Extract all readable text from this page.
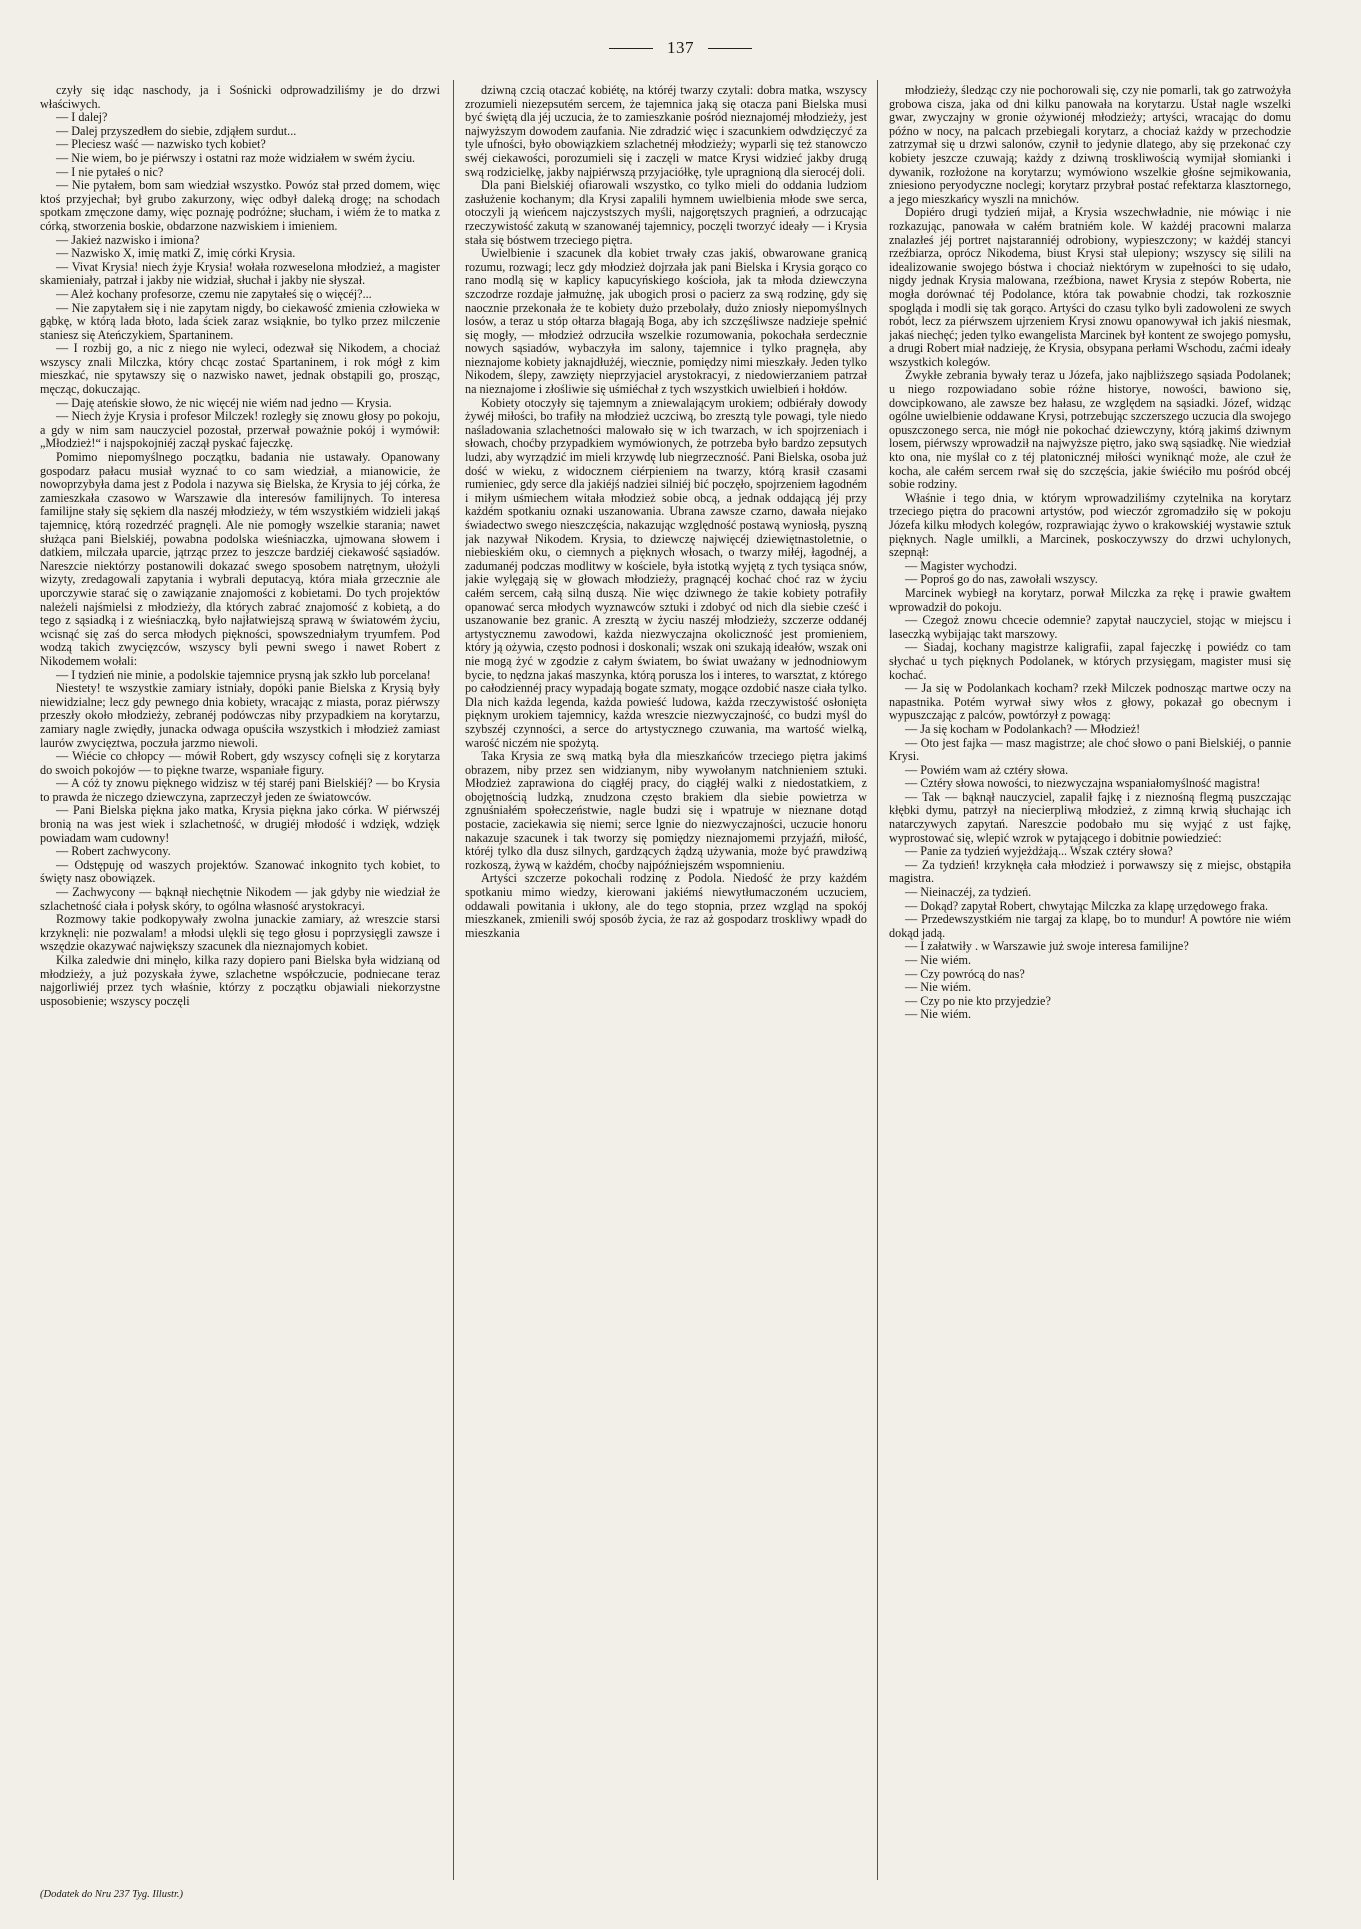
137

czyły się idąc naschody, ja i Sośnicki odprowadziliśmy je do drzwi właściwych.

— I dalej?

— Dalej przyszedłem do siebie, zdjąłem surdut...

— Pleciesz waść — nazwisko tych kobiet?

— Nie wiem, bo je piérwszy i ostatni raz może widziałem w swém życiu.

— I nie pytałeś o nic?

— Nie pytałem, bom sam wiedział wszystko. Powóz stał przed domem, więc ktoś przyjechał; był grubo zakurzony, więc odbył daleką drogę; na schodach spotkam zmęczone damy, więc poznaję podróżne; słucham, i wiém że to matka z córką, stworzenia boskie, obdarzone nazwiskiem i imieniem.

— Jakież nazwisko i imiona?

— Nazwisko X, imię matki Z, imię córki Krysia.

— Vivat Krysia! niech żyje Krysia! wołała rozweselona młodzież, a magister skamieniały, patrzał i jakby nie widział, słuchał i jakby nie słyszał.

— Ależ kochany profesorze, czemu nie zapytałeś się o więcéj?...

— Nie zapytałem się i nie zapytam nigdy, bo ciekawość zmienia człowieka w gąbkę, w którą lada błoto, lada ściek zaraz wsiąknie, bo tylko przez milczenie staniesz się Ateńczykiem, Spartaninem.

— I rozbij go, a nic z niego nie wyleci, odezwał się Nikodem, a chociaż wszyscy znali Milczka, który chcąc zostać Spartaninem, i rok mógł z kim mieszkać, nie spytawszy się o nazwisko nawet, jednak obstąpili go, prosząc, męcząc, dokuczając.

— Daję ateńskie słowo, że nic więcéj nie wiém nad jedno — Krysia.

— Niech żyje Krysia i profesor Milczek! rozległy się znowu głosy po pokoju, a gdy w nim sam nauczyciel pozostał, przerwał poważnie pokój i wymówił: „Młodzież!“ i najspokojniéj zaczął pyskać fajeczkę.

Pomimo niepomyślnego początku, badania nie ustawały. Opanowany gospodarz pałacu musiał wyznać to co sam wiedział, a mianowicie, że nowoprzybyła dama jest z Podola i nazywa się Bielska, że Krysia to jéj córka, że zamieszkała czasowo w Warszawie dla interesów familijnych. To interesa familijne stały się sękiem dla naszéj młodzieży, w tém wszystkiém widzieli jakąś tajemnicę, którą rozedrzéć pragnęli. Ale nie pomogły wszelkie starania; nawet służąca pani Bielskiéj, powabna podolska wieśniaczka, ujmowana słowem i datkiem, milczała uparcie, jątrząc przez to jeszcze bardziéj ciekawość sąsiadów. Nareszcie niektórzy postanowili dokazać swego sposobem natrętnym, ułożyli wizyty, zredagowali zapytania i wybrali deputacyą, która miała grzecznie ale uporczywie starać się o zawiązanie znajomości z kobietami. Do tych projektów należeli najśmielsi z młodzieży, dla których zabrać znajomość z kobietą, a do tego z sąsiadką i z wieśniaczką, było najłatwiejszą sprawą w światowém życiu, wcisnąć się zaś do serca młodych piękności, spowszedniałym tryumfem. Pod wodzą takich zwycięzców, wszyscy byli pewni swego i nawet Robert z Nikodemem wołali:

— I tydzień nie minie, a podolskie tajemnice prysną jak szkło lub porcelana!

Niestety! te wszystkie zamiary istniały, dopóki panie Bielska z Krysią były niewidzialne; lecz gdy pewnego dnia kobiety, wracając z miasta, poraz piérwszy przeszły około młodzieży, zebranéj podówczas niby przypadkiem na korytarzu, zamiary nagle zwiędły, junacka odwaga opuściła wszystkich i młodzież zamiast laurów zwycięztwa, poczuła jarzmo niewoli.

— Wiécie co chłopcy — mówił Robert, gdy wszyscy cofnęli się z korytarza do swoich pokojów — to piękne twarze, wspaniałe figury.

— A cóż ty znowu pięknego widzisz w téj staréj pani Bielskiéj? — bo Krysia to prawda że niczego dziewczyna, zaprzeczył jeden ze światowców.

— Pani Bielska piękna jako matka, Krysia piękna jako córka. W piérwszéj bronią na was jest wiek i szlachetność, w drugiéj młodość i wdzięk, wdzięk powiadam wam cudowny!

— Robert zachwycony.

— Odstępuję od waszych projektów. Szanować inkognito tych kobiet, to święty nasz obowiązek.

— Zachwycony — bąknął niechętnie Nikodem — jak gdyby nie wiedział że szlachetność ciała i połysk skóry, to ogólna własność arystokracyi.

Rozmowy takie podkopywały zwolna junackie zamiary, aż wreszcie starsi krzyknęli: nie pozwalam! a młodsi ulękli się tego głosu i poprzysięgli zawsze i wszędzie okazywać największy szacunek dla nieznajomych kobiet.

Kilka zaledwie dni minęło, kilka razy dopiero pani Bielska była widzianą od młodzieży, a już pozyskała żywe, szlachetne współczucie, podniecane teraz najgorliwiéj przez tych właśnie, którzy z początku objawiali niekorzystne usposobienie; wszyscy poczęli

dziwną czcią otaczać kobiétę, na któréj twarzy czytali: dobra matka, wszyscy zrozumieli niezepsutém sercem, że tajemnica jaką się otacza pani Bielska musi być świętą dla jéj uczucia, że to zamieszkanie pośród nieznajoméj młodzieży, jest najwyższym dowodem zaufania. Nie zdradzić więc i szacunkiem odwdzięczyć za tyle ufności, było obowiązkiem szlachetnéj młodzieży; wyparli się też stanowczo swéj ciekawości, porozumieli się i zaczęli w matce Krysi widzieć jakby drugą swą rodzicielkę, jakby najpiérwszą przyjaciółkę, tyle upragnioną dla sierocéj doli.

Dla pani Bielskiéj ofiarowali wszystko, co tylko mieli do oddania ludziom zasłużenie kochanym; dla Krysi zapalili hymnem uwielbienia młode swe serca, otoczyli ją wieńcem najczystszych myśli, najgorętszych pragnień, a odrzucając rzeczywistość zakutą w szanowanéj tajemnicy, poczęli tworzyć ideały — i Krysia stała się bóstwem trzeciego piętra.

Uwielbienie i szacunek dla kobiet trwały czas jakiś, obwarowane granicą rozumu, rozwagi; lecz gdy młodzież dojrzała jak pani Bielska i Krysia gorąco co rano modlą się w kaplicy kapucyńskiego kościoła, jak ta młoda dziewczyna szczodrze rozdaje jałmużnę, jak ubogich prosi o pacierz za swą rodzinę, gdy się naocznie przekonała że te kobiety dużo przebolały, dużo zniosły niepomyślnych losów, a teraz u stóp ołtarza błagają Boga, aby ich szczęśliwsze nadzieje spełnić się mogły, — młodzież odrzuciła wszelkie rozumowania, pokochała serdecznie nowych sąsiadów, wybaczyła im salony, tajemnice i tylko pragnęła, aby nieznajome kobiety jaknajdłużéj, wiecznie, pomiędzy nimi mieszkały. Jeden tylko Nikodem, ślepy, zawzięty nieprzyjaciel arystokracyi, z niedowierzaniem patrzał na nieznajome i złośliwie się uśmiéchał z tych wszystkich uwielbień i hołdów.

Kobiety otoczyły się tajemnym a zniewalającym urokiem; odbiérały dowody żywéj miłości, bo trafiły na młodzież uczciwą, bo zresztą tyle powagi, tyle niedo naśladowania szlachetności malowało się w ich twarzach, w ich spojrzeniach i słowach, choćby przypadkiem wymówionych, że potrzeba było bardzo zepsutych ludzi, aby wyrządzić im mieli krzywdę lub niegrzeczność. Pani Bielska, osoba już dość w wieku, z widocznem ciérpieniem na twarzy, którą krasił czasami rumieniec, gdy serce dla jakiéjś nadziei silniéj bić poczęło, spojrzeniem łagodném i miłym uśmiechem witała młodzież sobie obcą, a jednak oddającą jéj przy każdém spotkaniu oznaki uszanowania. Ubrana zawsze czarno, dawała niejako świadectwo swego nieszczęścia, nakazując względność postawą wyniosłą, pyszną jak nazywał Nikodem. Krysia, to dziewczę najwięcéj dziewiętnastoletnie, o niebieskiém oku, o ciemnych a pięknych włosach, o twarzy miłéj, łagodnéj, a zadumanéj podczas modlitwy w kościele, była istotką wyjętą z tych tysiąca snów, jakie wylęgają się w głowach młodzieży, pragnącéj kochać choć raz w życiu całém sercem, całą silną duszą. Nie więc dziwnego że takie kobiety potrafiły opanować serca młodych wyznawców sztuki i zdobyć od nich dla siebie cześć i uszanowanie bez granic. A zresztą w życiu naszéj młodzieży, szczerze oddanéj artystycznemu zawodowi, każda niezwyczajna okoliczność jest promieniem, który ją ożywia, często podnosi i doskonali; wszak oni szukają ideałów, wszak oni nie mogą żyć w zgodzie z całym światem, bo świat uważany w jednodniowym bycie, to nędzna jakaś maszynka, którą porusza los i interes, to warsztat, z którego po całodziennéj pracy wypadają bogate szmaty, mogące ozdobić nasze ciała tylko. Dla nich każda legenda, każda powieść ludowa, każda rzeczywistość osłonięta pięknym urokiem tajemnicy, każda wreszcie niezwyczajność, co budzi myśl do szybszéj czynności, a serce do artystycznego czuwania, ma wartość wielką, warość niczém nie spożytą.

Taka Krysia ze swą matką była dla mieszkańców trzeciego piętra jakimś obrazem, niby przez sen widzianym, niby wywołanym natchnieniem sztuki. Młodzież zaprawiona do ciągłéj pracy, do ciągłéj walki z niedostatkiem, z obojętnością ludzką, znudzona często brakiem dla siebie powietrza w zgnuśniałém społeczeństwie, nagle budzi się i wpatruje w nieznane dotąd postacie, zaciekawia się niemi; serce lgnie do niezwyczajności, uczucie honoru nakazuje szacunek i tak tworzy się pomiędzy nieznajomemi przyjaźń, miłość, któréj tylko dla dusz silnych, gardzących żądzą używania, może być prawdziwą rozkoszą, żywą w każdém, choćby najpóźniejszém wspomnieniu.

Artyści szczerze pokochali rodzinę z Podola. Niedość że przy każdém spotkaniu mimo wiedzy, kierowani jakiémś niewytłumaczoném uczuciem, oddawali powitania i ukłony, ale do tego stopnia, przez wzgląd na spokój mieszkanek, zmienili swój sposób życia, że raz aż gospodarz troskliwy wpadł do mieszkania

młodzieży, śledząc czy nie pochorowali się, czy nie pomarli, tak go zatrwożyła grobowa cisza, jaka od dni kilku panowała na korytarzu. Ustał nagle wszelki gwar, zwyczajny w gronie ożywionéj młodzieży; artyści, wracając do domu późno w nocy, na palcach przebiegali korytarz, a chociaż każdy w przechodzie zatrzymał się u drzwi salonów, czynił to jedynie dlatego, aby się przekonać czy kobiety jeszcze czuwają; każdy z dziwną troskliwością wymijał słomianki i dywanik, rozłożone na korytarzu; wymówiono wszelkie głośne sejmikowania, zniesiono peryodyczne noclegi; korytarz przybrał postać refektarza klasztornego, a jego mieszkańcy wyszli na mnichów.

Dopiéro drugi tydzień mijał, a Krysia wszechwładnie, nie mówiąc i nie rozkazując, panowała w całém bratniém kole. W każdéj pracowni malarza znalazłeś jéj portret najstaranniéj odrobiony, wypieszczony; w każdéj stancyi rzeźbiarza, oprócz Nikodema, biust Krysi stał ulepiony; wszyscy się silili na idealizowanie swojego bóstwa i chociaż niektórym w zupełności to się udało, nigdy jednak Krysia malowana, rzeźbiona, nawet Krysia z stepów Roberta, nie mogła dorównać téj Podolance, która tak powabnie chodzi, tak rozkosznie spogląda i modli się tak gorąco. Artyści do czasu tylko byli zadowoleni ze swych robót, lecz za piérwszem ujrzeniem Krysi znowu opanowywał ich jakiś niesmak, jakaś niechęć; jeden tylko ewangelista Marcinek był kontent ze swojego pomysłu, a drugi Robert miał nadzieję, że Krysia, obsypana perłami Wschodu, zaćmi ideały wszystkich kolegów.

Zwykłe zebrania bywały teraz u Józefa, jako najbliższego sąsiada Podolanek; u niego rozpowiadano sobie różne historye, nowości, bawiono się, dowcipkowano, ale zawsze bez hałasu, ze względem na sąsiadki. Józef, widząc ogólne uwielbienie oddawane Krysi, potrzebując szczerszego uczucia dla swojego opuszczonego serca, nie mógł nie pokochać dziewczyny, którą jakimś dziwnym losem, piérwszy wprowadził na najwyższe piętro, jako swą sąsiadkę. Nie wiedział kto ona, nie myślał co z téj platonicznéj miłości wyniknąć może, ale czuł że kocha, ale całém sercem rwał się do szczęścia, jakie świéciło mu pośród obcéj sobie rodziny.

Właśnie i tego dnia, w którym wprowadziliśmy czytelnika na korytarz trzeciego piętra do pracowni artystów, pod wieczór zgromadziło się w pokoju Józefa kilku młodych kolegów, rozprawiając żywo o krakowskiéj wystawie sztuk pięknych. Nagle umilkli, a Marcinek, poskoczywszy do drzwi uchylonych, szepnął:

— Magister wychodzi.

— Poproś go do nas, zawołali wszyscy.

Marcinek wybiegł na korytarz, porwał Milczka za rękę i prawie gwałtem wprowadził do pokoju.

— Czegoż znowu chcecie odemnie? zapytał nauczyciel, stojąc w miejscu i laseczką wybijając takt marszowy.

— Siadaj, kochany magistrze kaligrafii, zapal fajeczkę i powiédz co tam słychać u tych pięknych Podolanek, w których przysięgam, magister musi się kochać.

— Ja się w Podolankach kocham? rzekł Milczek podnosząc martwe oczy na napastnika. Potém wyrwał siwy włos z głowy, pokazał go obecnym i wypuszczając z palców, powtórzył z powagą:

— Ja się kocham w Podolankach? — Młodzież!

— Oto jest fajka — masz magistrze; ale choć słowo o pani Bielskiéj, o pannie Krysi.

— Powiém wam aż cztéry słowa.

— Cztéry słowa nowości, to niezwyczajna wspaniałomyślność magistra!

— Tak — bąknął nauczyciel, zapalił fajkę i z nieznośną flegmą puszczając kłębki dymu, patrzył na niecierpliwą młodzież, z zimną krwią słuchając ich natarczywych zapytań. Nareszcie podobało mu się wyjąć z ust fajkę, wyprostować się, wlepić wzrok w pytającego i dobitnie powiedzieć:

— Panie za tydzień wyjeżdżają... Wszak cztéry słowa?

— Za tydzień! krzyknęła cała młodzież i porwawszy się z miejsc, obstąpiła magistra.

— Nieinaczéj, za tydzień.

— Dokąd? zapytał Robert, chwytając Milczka za klapę urzędowego fraka.

— Przedewszystkiém nie targaj za klapę, bo to mundur! A powtóre nie wiém dokąd jadą.

— I załatwiły . w Warszawie już swoje interesa familijne?

— Nie wiém.

— Czy powrócą do nas?

— Nie wiém.

— Czy po nie kto przyjedzie?

— Nie wiém.

(Dodatek do Nru 237 Tyg. Illustr.)
